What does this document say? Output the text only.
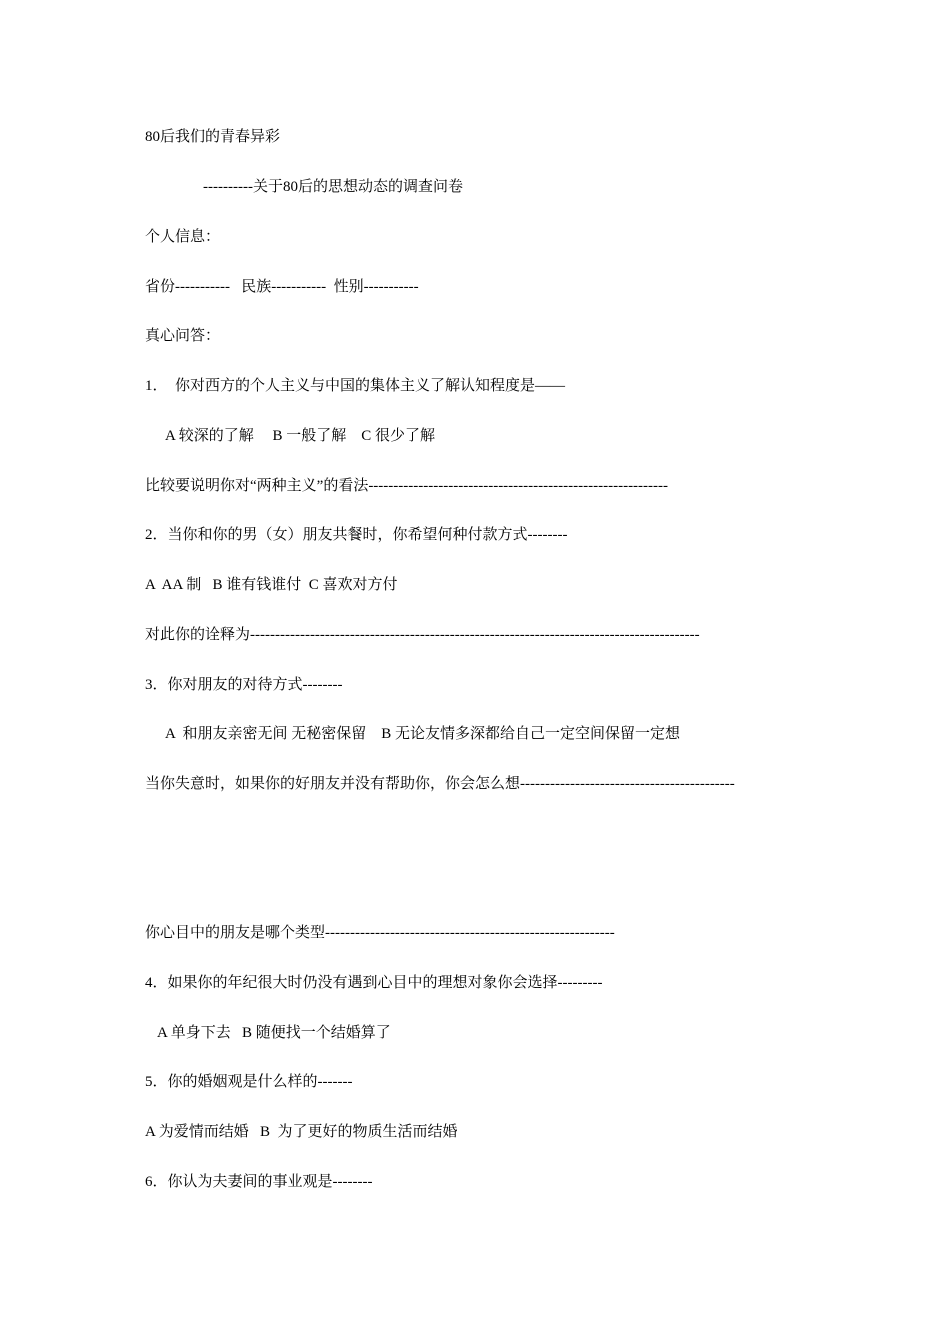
80后我们的青春异彩
----------关于80后的思想动态的调查问卷
个人信息：
省份-----------   民族-----------  性别-----------
真心问答：
1．  你对西方的个人主义与中国的集体主义了解认知程度是——
A 较深的了解     B 一般了解    C 很少了解
比较要说明你对“两种主义”的看法------------------------------------------------------------
2．当你和你的男（女）朋友共餐时，你希望何种付款方式--------
A  AA 制   B 谁有钱谁付  C 喜欢对方付
对此你的诠释为------------------------------------------------------------------------------------------
3．你对朋友的对待方式--------
A  和朋友亲密无间 无秘密保留    B 无论友情多深都给自己一定空间保留一定想
当你失意时，如果你的好朋友并没有帮助你，你会怎么想-------------------------------------------
你心目中的朋友是哪个类型----------------------------------------------------------
4．如果你的年纪很大时仍没有遇到心目中的理想对象你会选择---------
A 单身下去   B 随便找一个结婚算了
5．你的婚姻观是什么样的-------
A 为爱情而结婚   B  为了更好的物质生活而结婚
6．你认为夫妻间的事业观是--------
